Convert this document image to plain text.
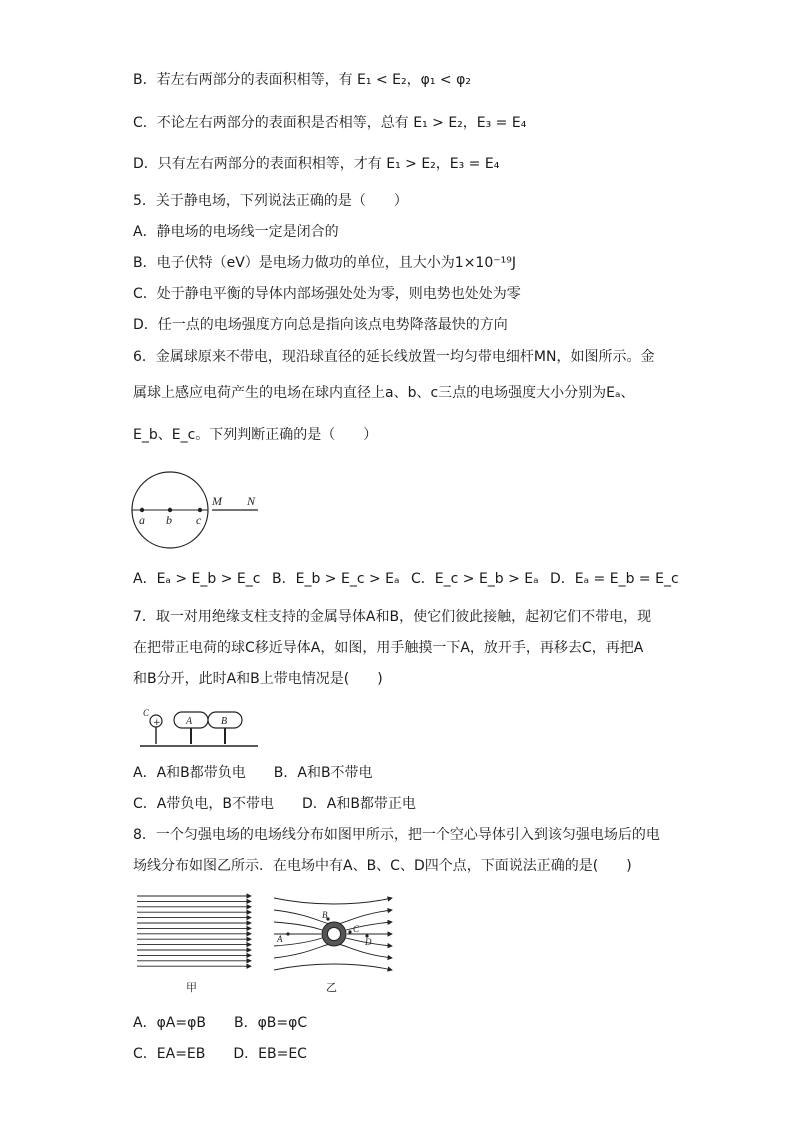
B．若左右两部分的表面积相等，有 E₁ < E₂，φ₁ < φ₂
C．不论左右两部分的表面积是否相等，总有 E₁ > E₂，E₃ = E₄
D．只有左右两部分的表面积相等，才有 E₁ > E₂，E₃ = E₄
5．关于静电场，下列说法正确的是（　　）
A．静电场的电场线一定是闭合的
B．电子伏特（eV）是电场力做功的单位，且大小为1×10⁻¹⁹J
C．处于静电平衡的导体内部场强处处为零，则电势也处处为零
D．任一点的电场强度方向总是指向该点电势降落最快的方向
6．金属球原来不带电，现沿球直径的延长线放置一均匀带电细杆MN，如图所示。金
属球上感应电荷产生的电场在球内直径上a、b、c三点的电场强度大小分别为Eₐ、
E_b、E_c。下列判断正确的是（　　）
a b c
M N
A．Eₐ > E_b > E_c B．E_b > E_c > Eₐ C．E_c > E_b > Eₐ D．Eₐ = E_b = E_c
7．取一对用绝缘支柱支持的金属导体A和B，使它们彼此接触，起初它们不带电，现
在把带正电荷的球C移近导体A，如图，用手触摸一下A，放开手，再移去C，再把A
和B分开，此时A和B上带电情况是(　　)
+
C
A	B
A．A和B都带负电　　B．A和B不带电
C．A带负电，B不带电　　D．A和B都带正电
8．一个匀强电场的电场线分布如图甲所示，把一个空心导体引入到该匀强电场后的电
场线分布如图乙所示．在电场中有A、B、C、D四个点，下面说法正确的是(　　)
甲
A
B
C
D
乙
A．φA=φB　　B．φB=φC
C．EA=EB　　D．EB=EC
